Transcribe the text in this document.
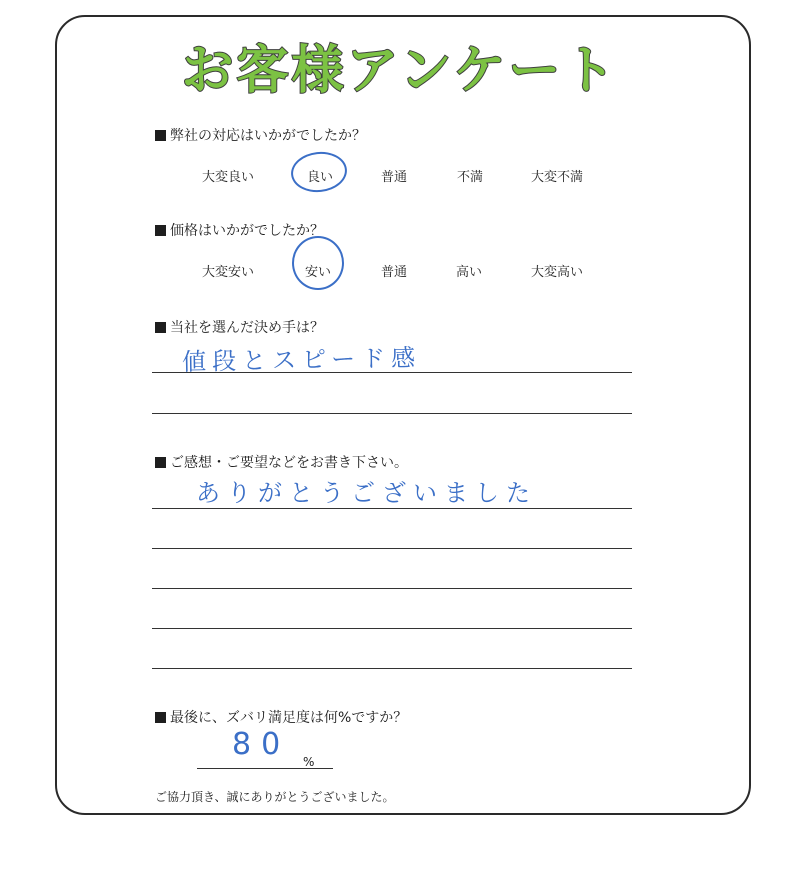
お客様アンケート
弊社の対応はいかがでしたか？
大変良い	良い	普通	不満	大変不満
価格はいかがでしたか？
大変安い	安い	普通	高い	大変高い
当社を選んだ決め手は？
値段とスピード感
ご感想・ご要望などをお書き下さい。
ありがとうございました
最後に、ズバリ満足度は何%ですか？
80 %
ご協力頂き、誠にありがとうございました。
